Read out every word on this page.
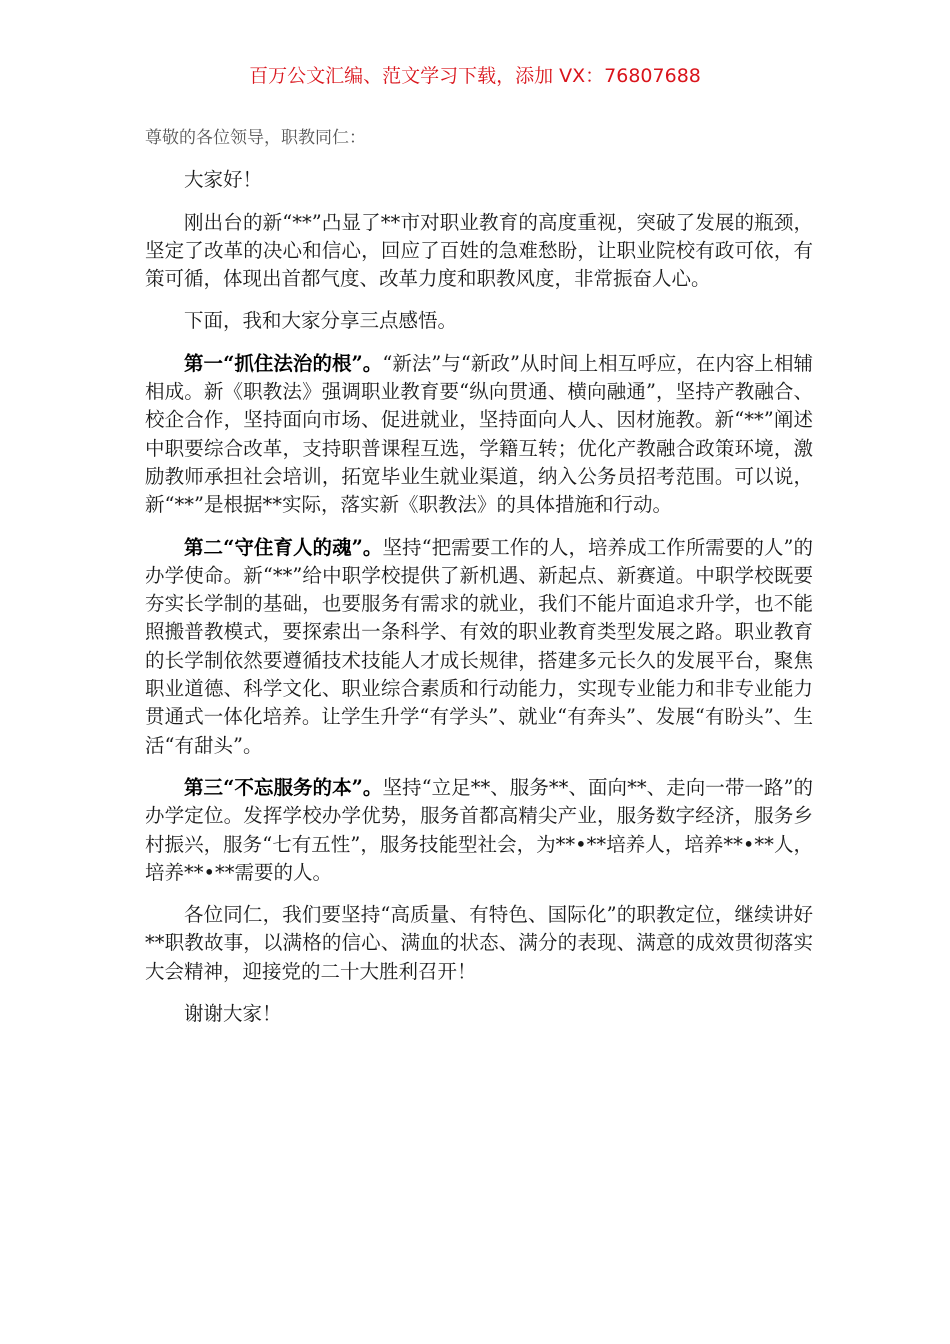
百万公文汇编、范文学习下载，添加 VX：76807688

尊敬的各位领导，职教同仁：

大家好！

刚出台的新“**”凸显了**市对职业教育的高度重视，突破了发展的瓶颈，坚定了改革的决心和信心，回应了百姓的急难愁盼，让职业院校有政可依，有策可循，体现出首都气度、改革力度和职教风度，非常振奋人心。

下面，我和大家分享三点感悟。

第一“抓住法治的根”。“新法”与“新政”从时间上相互呼应，在内容上相辅相成。新《职教法》强调职业教育要“纵向贯通、横向融通”，坚持产教融合、校企合作，坚持面向市场、促进就业，坚持面向人人、因材施教。新“**”阐述中职要综合改革，支持职普课程互选，学籍互转；优化产教融合政策环境，激励教师承担社会培训，拓宽毕业生就业渠道，纳入公务员招考范围。可以说，新“**”是根据**实际，落实新《职教法》的具体措施和行动。

第二“守住育人的魂”。坚持“把需要工作的人，培养成工作所需要的人”的办学使命。新“**”给中职学校提供了新机遇、新起点、新赛道。中职学校既要夯实长学制的基础，也要服务有需求的就业，我们不能片面追求升学，也不能照搬普教模式，要探索出一条科学、有效的职业教育类型发展之路。职业教育的长学制依然要遵循技术技能人才成长规律，搭建多元长久的发展平台，聚焦职业道德、科学文化、职业综合素质和行动能力，实现专业能力和非专业能力贯通式一体化培养。让学生升学“有学头”、就业“有奔头”、发展“有盼头”、生活“有甜头”。

第三“不忘服务的本”。坚持“立足**、服务**、面向**、走向一带一路”的办学定位。发挥学校办学优势，服务首都高精尖产业，服务数字经济，服务乡村振兴，服务“七有五性”，服务技能型社会，为**•**培养人，培养**•**人，培养**•**需要的人。

各位同仁，我们要坚持“高质量、有特色、国际化”的职教定位，继续讲好**职教故事，以满格的信心、满血的状态、满分的表现、满意的成效贯彻落实大会精神，迎接党的二十大胜利召开！

谢谢大家！
